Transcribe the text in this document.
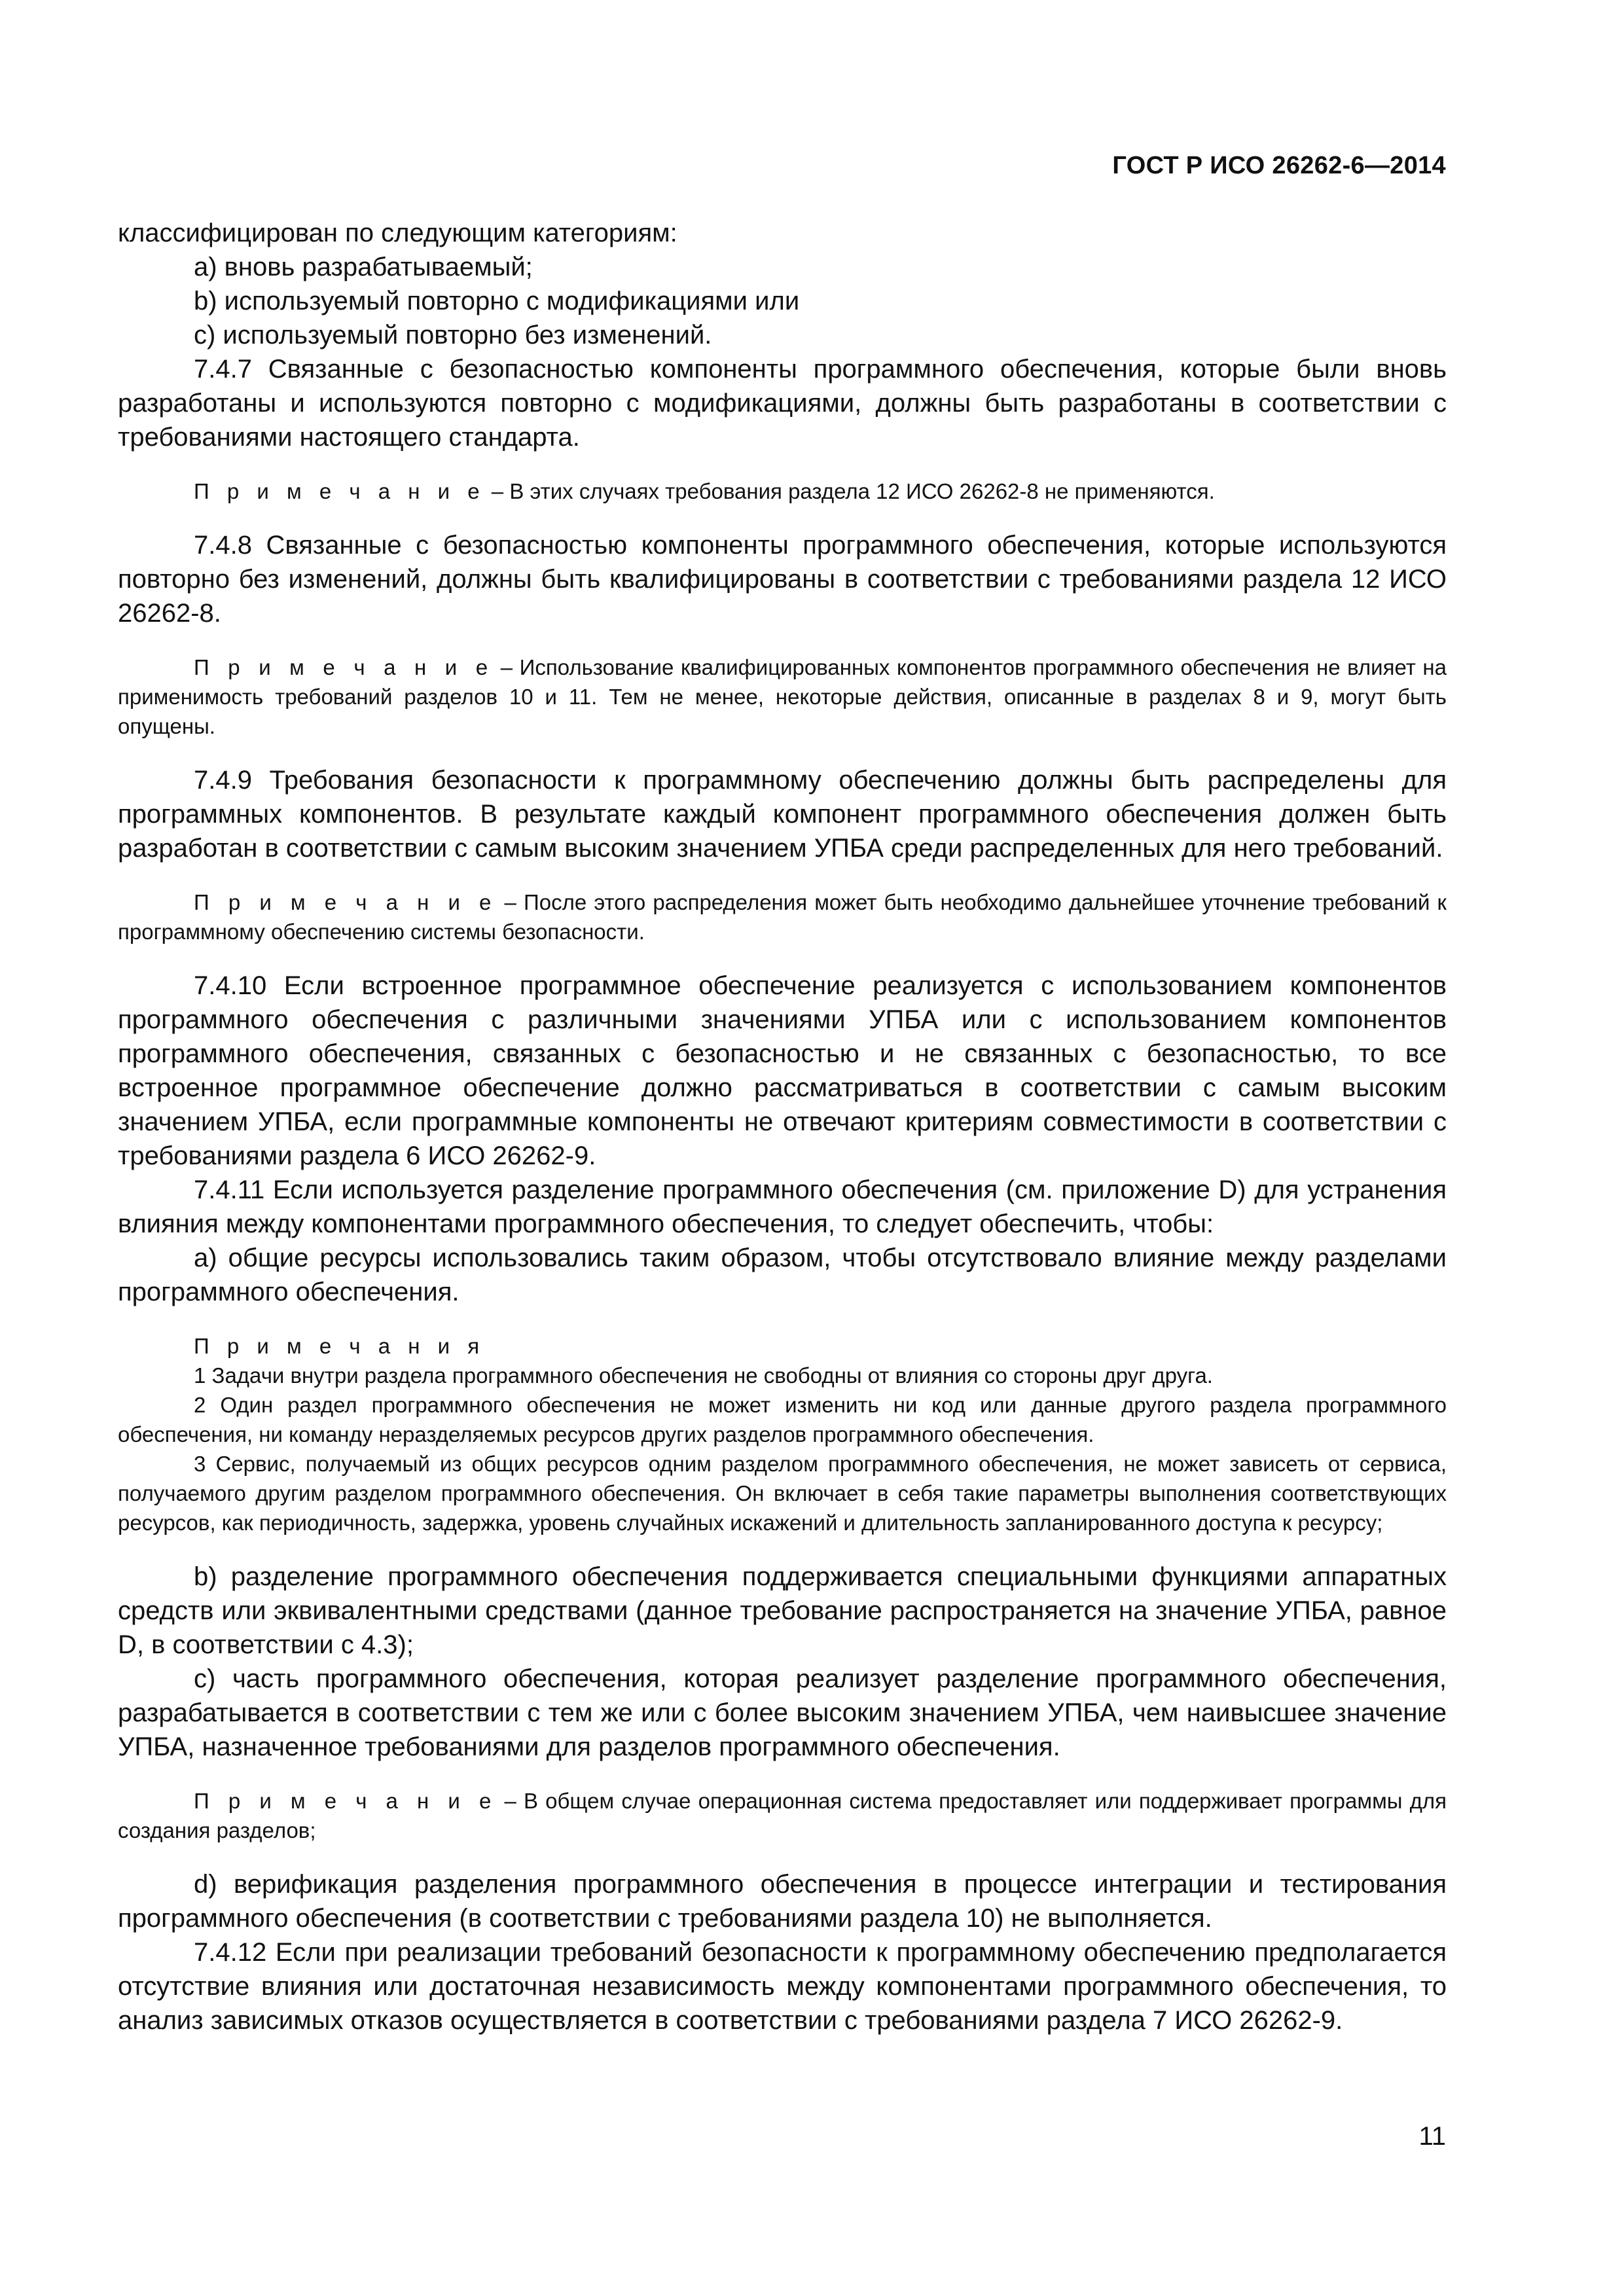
ГОСТ Р ИСО 26262-6—2014

классифицирован по следующим категориям:

a) вновь разрабатываемый;

b) используемый повторно с модификациями или

c) используемый повторно без изменений.

7.4.7 Связанные с безопасностью компоненты программного обеспечения, которые были вновь разработаны и используются повторно с модификациями, должны быть разработаны в соответствии с требованиями настоящего стандарта.

П р и м е ч а н и е – В этих случаях требования раздела 12 ИСО 26262-8 не применяются.

7.4.8 Связанные с безопасностью компоненты программного обеспечения, которые используются повторно без изменений, должны быть квалифицированы в соответствии с требованиями раздела 12 ИСО 26262-8.

П р и м е ч а н и е – Использование квалифицированных компонентов программного обеспечения не влияет на применимость требований разделов 10 и 11. Тем не менее, некоторые действия, описанные в разделах 8 и 9, могут быть опущены.

7.4.9 Требования безопасности к программному обеспечению должны быть распределены для программных компонентов. В результате каждый компонент программного обеспечения должен быть разработан в соответствии с самым высоким значением УПБА среди распределенных для него требований.

П р и м е ч а н и е – После этого распределения может быть необходимо дальнейшее уточнение требований к программному обеспечению системы безопасности.

7.4.10 Если встроенное программное обеспечение реализуется с использованием компонентов программного обеспечения с различными значениями УПБА или с использованием компонентов программного обеспечения, связанных с безопасностью и не связанных с безопасностью, то все встроенное программное обеспечение должно рассматриваться в соответствии с самым высоким значением УПБА, если программные компоненты не отвечают критериям совместимости в соответствии с требованиями раздела 6 ИСО 26262-9.

7.4.11 Если используется разделение программного обеспечения (см. приложение D) для устранения влияния между компонентами программного обеспечения, то следует обеспечить, чтобы:

a) общие ресурсы использовались таким образом, чтобы отсутствовало влияние между разделами программного обеспечения.

П р и м е ч а н и я

1 Задачи внутри раздела программного обеспечения не свободны от влияния со стороны друг друга.

2 Один раздел программного обеспечения не может изменить ни код или данные другого раздела программного обеспечения, ни команду неразделяемых ресурсов других разделов программного обеспечения.

3 Сервис, получаемый из общих ресурсов одним разделом программного обеспечения, не может зависеть от сервиса, получаемого другим разделом программного обеспечения. Он включает в себя такие параметры выполнения соответствующих ресурсов, как периодичность, задержка, уровень случайных искажений и длительность запланированного доступа к ресурсу;

b) разделение программного обеспечения поддерживается специальными функциями аппаратных средств или эквивалентными средствами (данное требование распространяется на значение УПБА, равное D, в соответствии с 4.3);

c) часть программного обеспечения, которая реализует разделение программного обеспечения, разрабатывается в соответствии с тем же или с более высоким значением УПБА, чем наивысшее значение УПБА, назначенное требованиями для разделов программного обеспечения.

П р и м е ч а н и е – В общем случае операционная система предоставляет или поддерживает программы для создания разделов;

d) верификация разделения программного обеспечения в процессе интеграции и тестирования программного обеспечения (в соответствии с требованиями раздела 10) не выполняется.

7.4.12 Если при реализации требований безопасности к программному обеспечению предполагается отсутствие влияния или достаточная независимость между компонентами программного обеспечения, то анализ зависимых отказов осуществляется в соответствии с требованиями раздела 7 ИСО 26262-9.

11
